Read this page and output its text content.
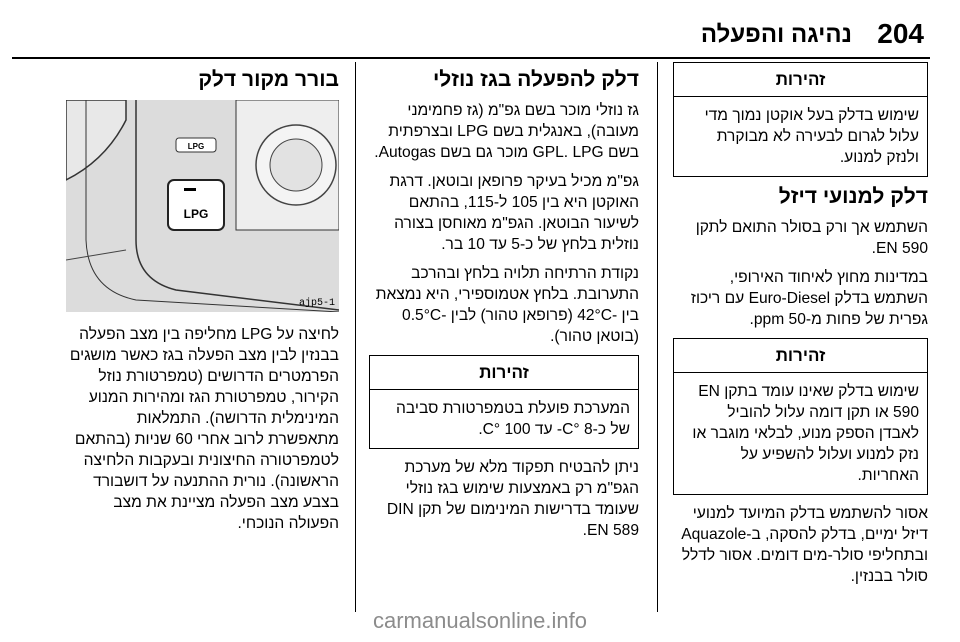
204
נהיגה והפעלה
זהירות
שימוש בדלק בעל אוקטן נמוך מדי עלול לגרום לבעירה לא מבוקרת ולנזק למנוע.
דלק למנועי דיזל

השתמש אך ורק בסולר התואם לתקן EN 590.

במדינות מחוץ לאיחוד האירופי, השתמש בדלק Euro-Diesel עם ריכוז גפרית של פחות מ-50 ppm.

זהירות
שימוש בדלק שאינו עומד בתקן EN 590 או תקן דומה עלול להוביל לאבדן הספק מנוע, לבלאי מוגבר או נזק למנוע ועלול להשפיע על האחריות.

אסור להשתמש בדלק המיועד למנועי דיזל ימיים, בדלק להסקה, ב-Aquazole ובתחליפי סולר-מים דומים. אסור לדלל סולר בבנזין.

דלק להפעלה בגז נוזלי

גז נוזלי מוכר בשם גפ"מ (גז פחמימני מעובה), באנגלית בשם LPG ובצרפתית בשם GPL. LPG מוכר גם בשם Autogas.

גפ"מ מכיל בעיקר פרופאן ובוטאן. דרגת האוקטן היא בין 105 ל-115, בהתאם לשיעור הבוטאן. הגפ"מ מאוחסן בצורה נוזלית בלחץ של כ-5 עד 10 בר.

נקודת הרתיחה תלויה בלחץ ובהרכב התערובת. בלחץ אטמוספירי, היא נמצאת בין -42°C (פרופאן טהור) לבין -0.5°C (בוטאן טהור).

זהירות
המערכת פועלת בטמפרטורת סביבה של כ-8 °C- עד 100 °C.

ניתן להבטיח תפקוד מלא של מערכת הגפ"מ רק באמצעות שימוש בגז נוזלי שעומד בדרישות המינימום של תקן DIN EN 589.

בורר מקור דלק
LPG
LPG
ajp5-1

לחיצה על LPG מחליפה בין מצב הפעלה בבנזין לבין מצב הפעלה בגז כאשר מושגים הפרמטרים הדרושים (טמפרטורת נוזל הקירור, טמפרטורת הגז ומהירות המנוע המינימלית הדרושה). התמלאות מתאפשרת לרוב אחרי 60 שניות (בהתאם לטמפרטורה החיצונית ובעקבות הלחיצה הראשונה). נורית ההתנעה על דושבורד בצבע מצב הפעלה מציינת את מצב הפעולה הנוכחי.

carmanualsonline.info
